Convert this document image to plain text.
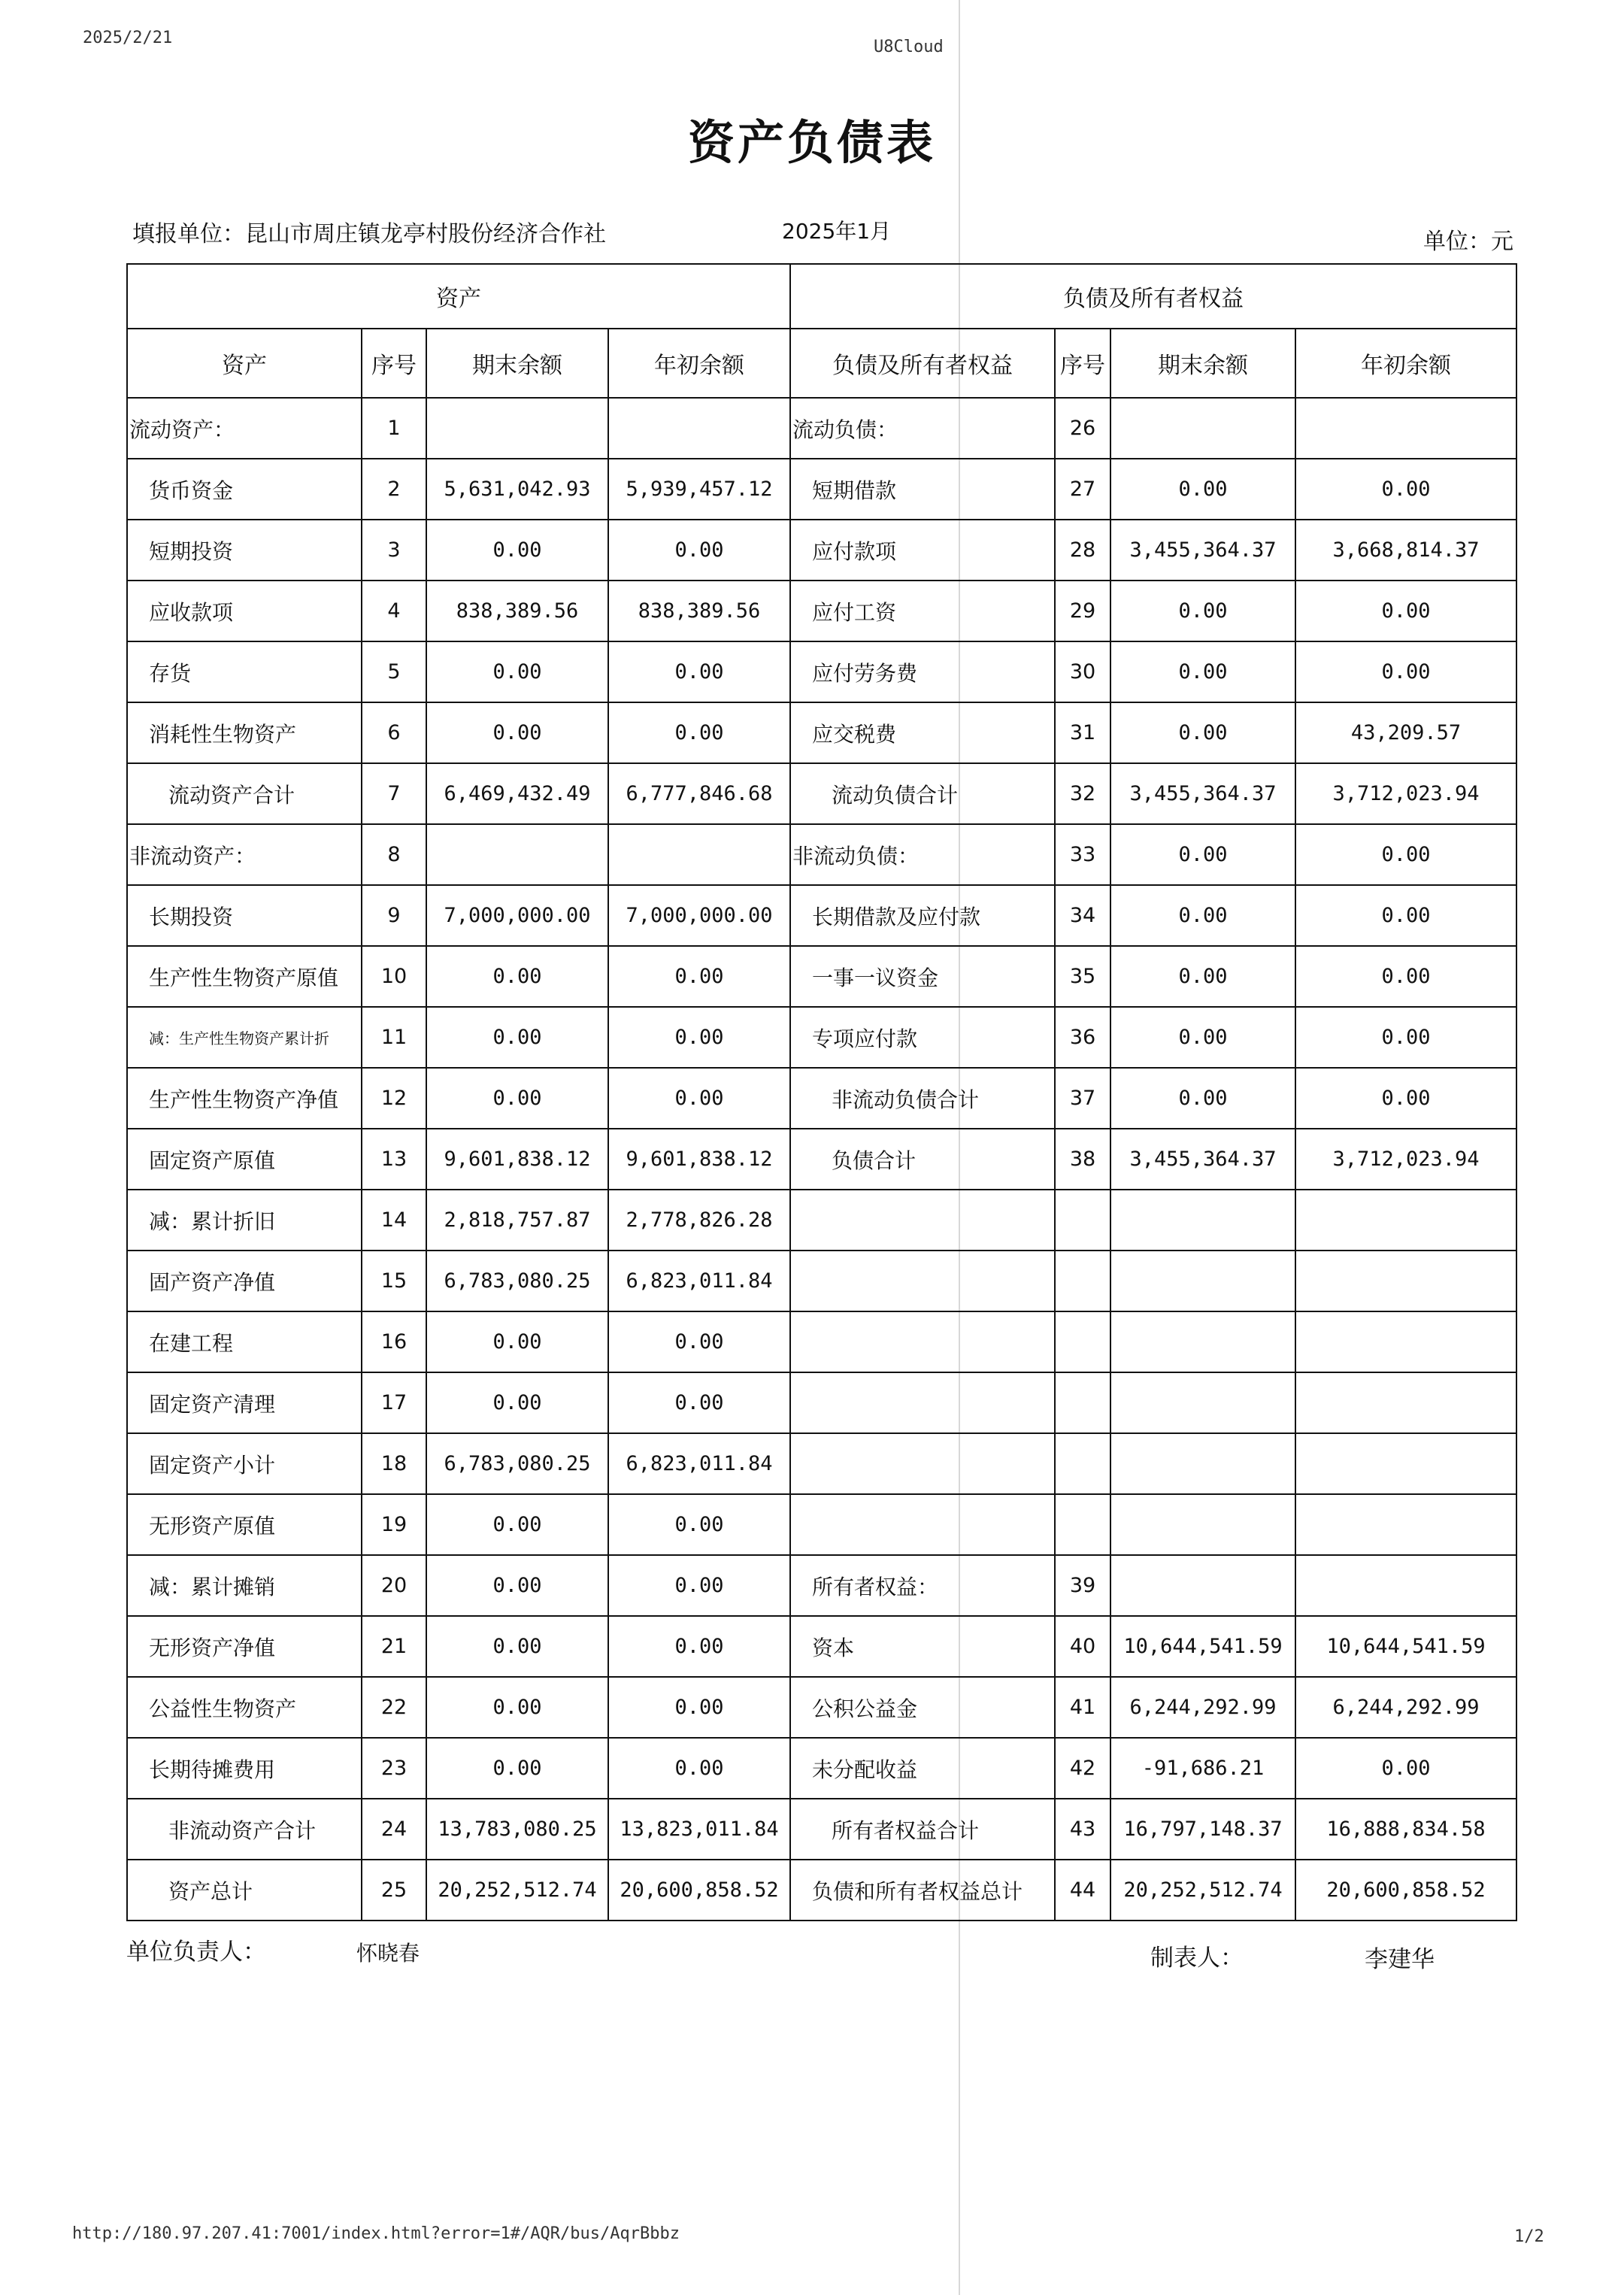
2025/2/21	U8Cloud
资产负债表
填报单位：昆山市周庄镇龙亭村股份经济合作社	2025年1月	单位：元
资产				负债及所有者权益			
资产	序号	期末余额	年初余额	负债及所有者权益	序号	期末余额	年初余额
流动资产：	1			流动负债：	26		
货币资金	2	5,631,042.93	5,939,457.12	短期借款	27	0.00	0.00
短期投资	3	0.00	0.00	应付款项	28	3,455,364.37	3,668,814.37
应收款项	4	838,389.56	838,389.56	应付工资	29	0.00	0.00
存货	5	0.00	0.00	应付劳务费	30	0.00	0.00
消耗性生物资产	6	0.00	0.00	应交税费	31	0.00	43,209.57
流动资产合计	7	6,469,432.49	6,777,846.68	流动负债合计	32	3,455,364.37	3,712,023.94
非流动资产：	8			非流动负债：	33	0.00	0.00
长期投资	9	7,000,000.00	7,000,000.00	长期借款及应付款	34	0.00	0.00
生产性生物资产原值	10	0.00	0.00	一事一议资金	35	0.00	0.00
减：生产性生物资产累计折	11	0.00	0.00	专项应付款	36	0.00	0.00
生产性生物资产净值	12	0.00	0.00	非流动负债合计	37	0.00	0.00
固定资产原值	13	9,601,838.12	9,601,838.12	负债合计	38	3,455,364.37	3,712,023.94
减：累计折旧	14	2,818,757.87	2,778,826.28				
固产资产净值	15	6,783,080.25	6,823,011.84				
在建工程	16	0.00	0.00				
固定资产清理	17	0.00	0.00				
固定资产小计	18	6,783,080.25	6,823,011.84				
无形资产原值	19	0.00	0.00				
减：累计摊销	20	0.00	0.00	所有者权益：	39		
无形资产净值	21	0.00	0.00	资本	40	10,644,541.59	10,644,541.59
公益性生物资产	22	0.00	0.00	公积公益金	41	6,244,292.99	6,244,292.99
长期待摊费用	23	0.00	0.00	未分配收益	42	-91,686.21	0.00
非流动资产合计	24	13,783,080.25	13,823,011.84	所有者权益合计	43	16,797,148.37	16,888,834.58
资产总计	25	20,252,512.74	20,600,858.52	负债和所有者权益总计	44	20,252,512.74	20,600,858.52
单位负责人：	怀晓春	制表人：	李建华
http://180.97.207.41:7001/index.html?error=1#/AQR/bus/AqrBbbz	1/2
